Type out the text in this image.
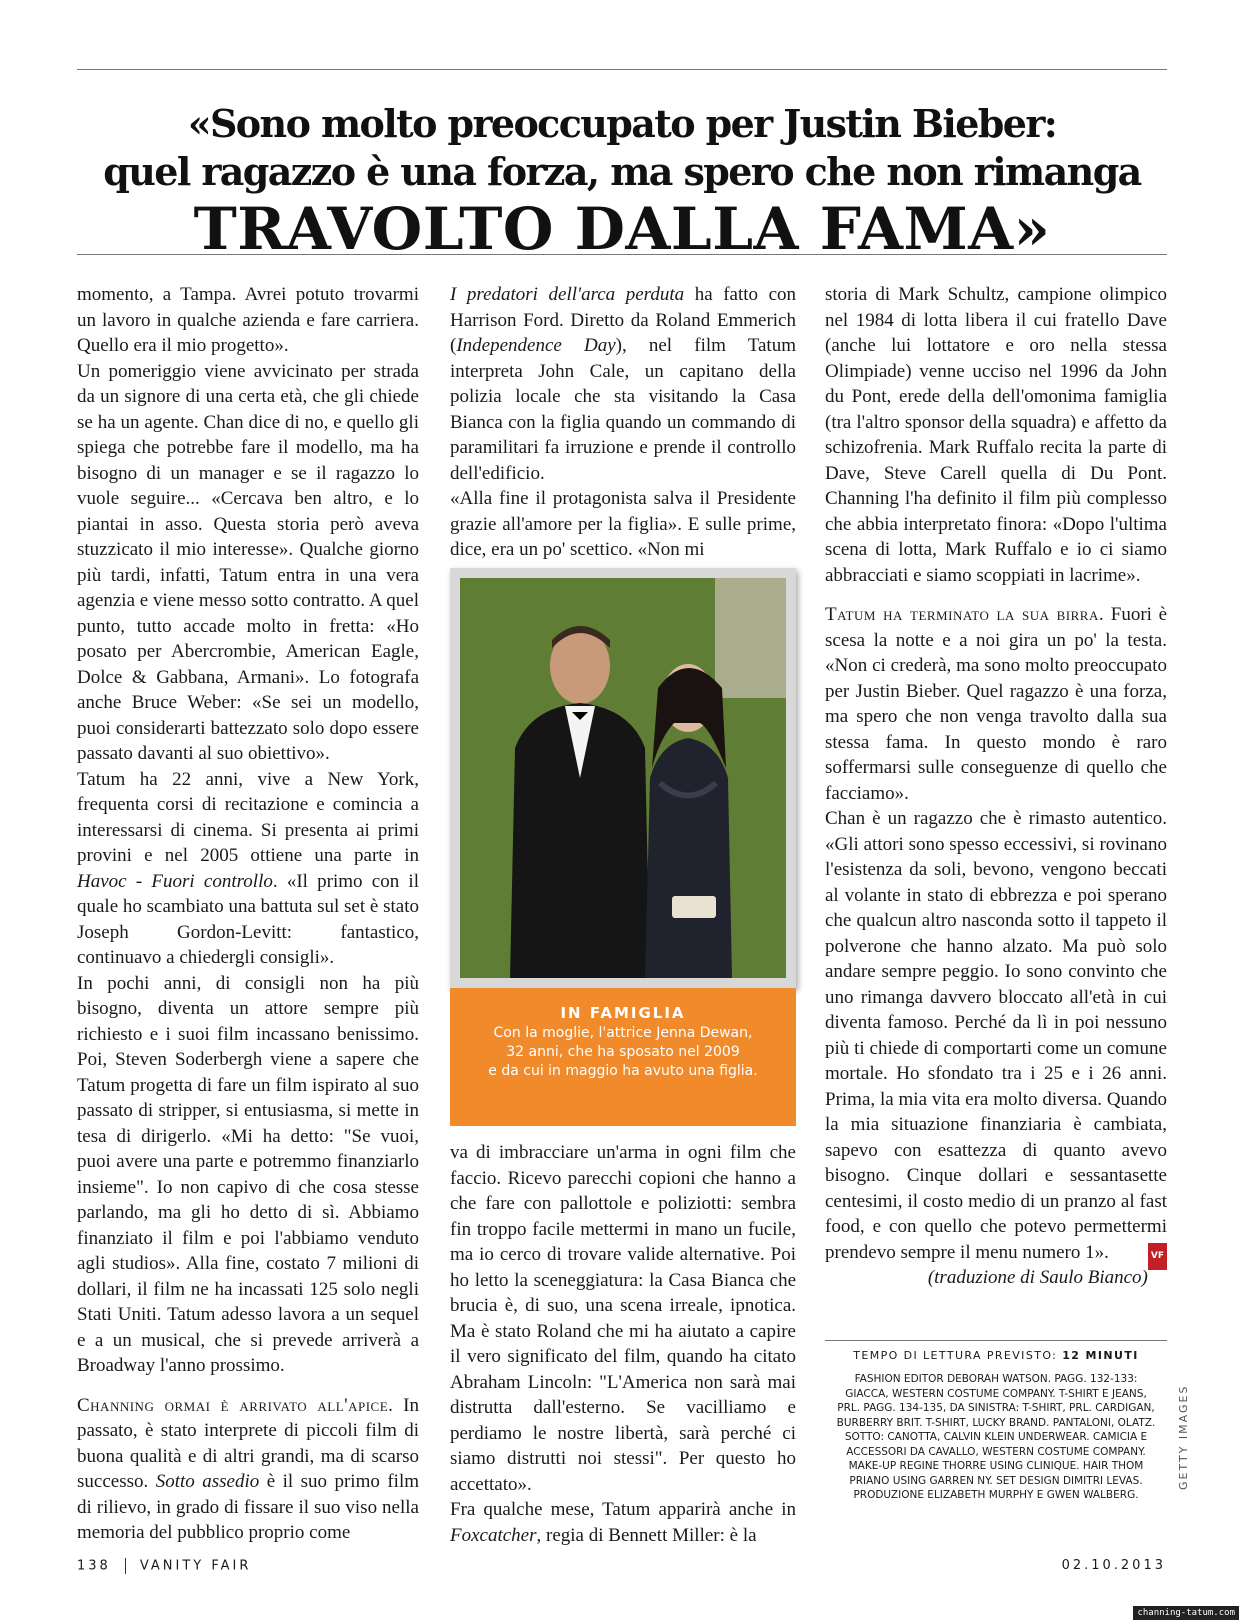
«Sono molto preoccupato per Justin Bieber:
quel ragazzo è una forza, ma spero che non rimanga
TRAVOLTO DALLA FAMA»

momento, a Tampa. Avrei potuto trovarmi un lavoro in qualche azienda e fare carriera. Quello era il mio progetto».

Un pomeriggio viene avvicinato per strada da un signore di una certa età, che gli chiede se ha un agente. Chan dice di no, e quello gli spiega che potrebbe fare il modello, ma ha bisogno di un manager e se il ragazzo lo vuole seguire... «Cercava ben altro, e lo piantai in asso. Questa storia però aveva stuzzicato il mio interesse». Qualche giorno più tardi, infatti, Tatum entra in una vera agenzia e viene messo sotto contratto. A quel punto, tutto accade molto in fretta: «Ho posato per Abercrombie, American Eagle, Dolce & Gabbana, Armani». Lo fotografa anche Bruce Weber: «Se sei un modello, puoi considerarti battezzato solo dopo essere passato davanti al suo obiettivo».

Tatum ha 22 anni, vive a New York, frequenta corsi di recitazione e comincia a interessarsi di cinema. Si presenta ai primi provini e nel 2005 ottiene una parte in Havoc - Fuori controllo. «Il primo con il quale ho scambiato una battuta sul set è stato Joseph Gordon-Levitt: fantastico, continuavo a chiedergli consigli».

In pochi anni, di consigli non ha più bisogno, diventa un attore sempre più richiesto e i suoi film incassano benissimo. Poi, Steven Soderbergh viene a sapere che Tatum progetta di fare un film ispirato al suo passato di stripper, si entusiasma, si mette in tesa di dirigerlo. «Mi ha detto: "Se vuoi, puoi avere una parte e potremmo finanziarlo insieme". Io non capivo di che cosa stesse parlando, ma gli ho detto di sì. Abbiamo finanziato il film e poi l'abbiamo venduto agli studios». Alla fine, costato 7 milioni di dollari, il film ne ha incassati 125 solo negli Stati Uniti. Tatum adesso lavora a un sequel e a un musical, che si prevede arriverà a Broadway l'anno prossimo.

Channing ormai è arrivato all'apice. In passato, è stato interprete di piccoli film di buona qualità e di altri grandi, ma di scarso successo. Sotto assedio è il suo primo film di rilievo, in grado di fissare il suo viso nella memoria del pubblico proprio come

I predatori dell'arca perduta ha fatto con Harrison Ford. Diretto da Roland Emmerich (Independence Day), nel film Tatum interpreta John Cale, un capitano della polizia locale che sta visitando la Casa Bianca con la figlia quando un commando di paramilitari fa irruzione e prende il controllo dell'edificio.

«Alla fine il protagonista salva il Presidente grazie all'amore per la figlia». E sulle prime, dice, era un po' scettico. «Non mi

IN FAMIGLIA
Con la moglie, l'attrice Jenna Dewan,
32 anni, che ha sposato nel 2009
e da cui in maggio ha avuto una figlia.

va di imbracciare un'arma in ogni film che faccio. Ricevo parecchi copioni che hanno a che fare con pallottole e poliziotti: sembra fin troppo facile mettermi in mano un fucile, ma io cerco di trovare valide alternative. Poi ho letto la sceneggiatura: la Casa Bianca che brucia è, di suo, una scena irreale, ipnotica. Ma è stato Roland che mi ha aiutato a capire il vero significato del film, quando ha citato Abraham Lincoln: "L'America non sarà mai distrutta dall'esterno. Se vacilliamo e perdiamo le nostre libertà, sarà perché ci siamo distrutti noi stessi". Per questo ho accettato».

Fra qualche mese, Tatum apparirà anche in Foxcatcher, regia di Bennett Miller: è la

storia di Mark Schultz, campione olimpico nel 1984 di lotta libera il cui fratello Dave (anche lui lottatore e oro nella stessa Olimpiade) venne ucciso nel 1996 da John du Pont, erede della dell'omonima famiglia (tra l'altro sponsor della squadra) e affetto da schizofrenia. Mark Ruffalo recita la parte di Dave, Steve Carell quella di Du Pont. Channing l'ha definito il film più complesso che abbia interpretato finora: «Dopo l'ultima scena di lotta, Mark Ruffalo e io ci siamo abbracciati e siamo scoppiati in lacrime».

Tatum ha terminato la sua birra. Fuori è scesa la notte e a noi gira un po' la testa. «Non ci crederà, ma sono molto preoccupato per Justin Bieber. Quel ragazzo è una forza, ma spero che non venga travolto dalla sua stessa fama. In questo mondo è raro soffermarsi sulle conseguenze di quello che facciamo».

Chan è un ragazzo che è rimasto autentico. «Gli attori sono spesso eccessivi, si rovinano l'esistenza da soli, bevono, vengono beccati al volante in stato di ebbrezza e poi sperano che qualcun altro nasconda sotto il tappeto il polverone che hanno alzato. Ma può solo andare sempre peggio. Io sono convinto che uno rimanga davvero bloccato all'età in cui diventa famoso. Perché da lì in poi nessuno più ti chiede di comportarti come un comune mortale. Ho sfondato tra i 25 e i 26 anni. Prima, la mia vita era molto diversa. Quando la mia situazione finanziaria è cambiata, sapevo con esattezza di quanto avevo bisogno. Cinque dollari e sessantasette centesimi, il costo medio di un pranzo al fast food, e con quello che potevo permettermi prendevo sempre il menu numero 1».	VF

(traduzione di Saulo Bianco)

TEMPO DI LETTURA PREVISTO: 12 MINUTI
FASHION EDITOR DEBORAH WATSON. PAGG. 132-133: GIACCA, WESTERN COSTUME COMPANY. T-SHIRT E JEANS, PRL. PAGG. 134-135, DA SINISTRA: T-SHIRT, PRL. CARDIGAN, BURBERRY BRIT. T-SHIRT, LUCKY BRAND. PANTALONI, OLATZ. SOTTO: CANOTTA, CALVIN KLEIN UNDERWEAR. CAMICIA E ACCESSORI DA CAVALLO, WESTERN COSTUME COMPANY. MAKE-UP REGINE THORRE USING CLINIQUE. HAIR THOM PRIANO USING GARREN NY. SET DESIGN DIMITRI LEVAS. PRODUZIONE ELIZABETH MURPHY E GWEN WALBERG.
GETTY IMAGES
138 VANITY FAIR	02.10.2013
channing-tatum.com
